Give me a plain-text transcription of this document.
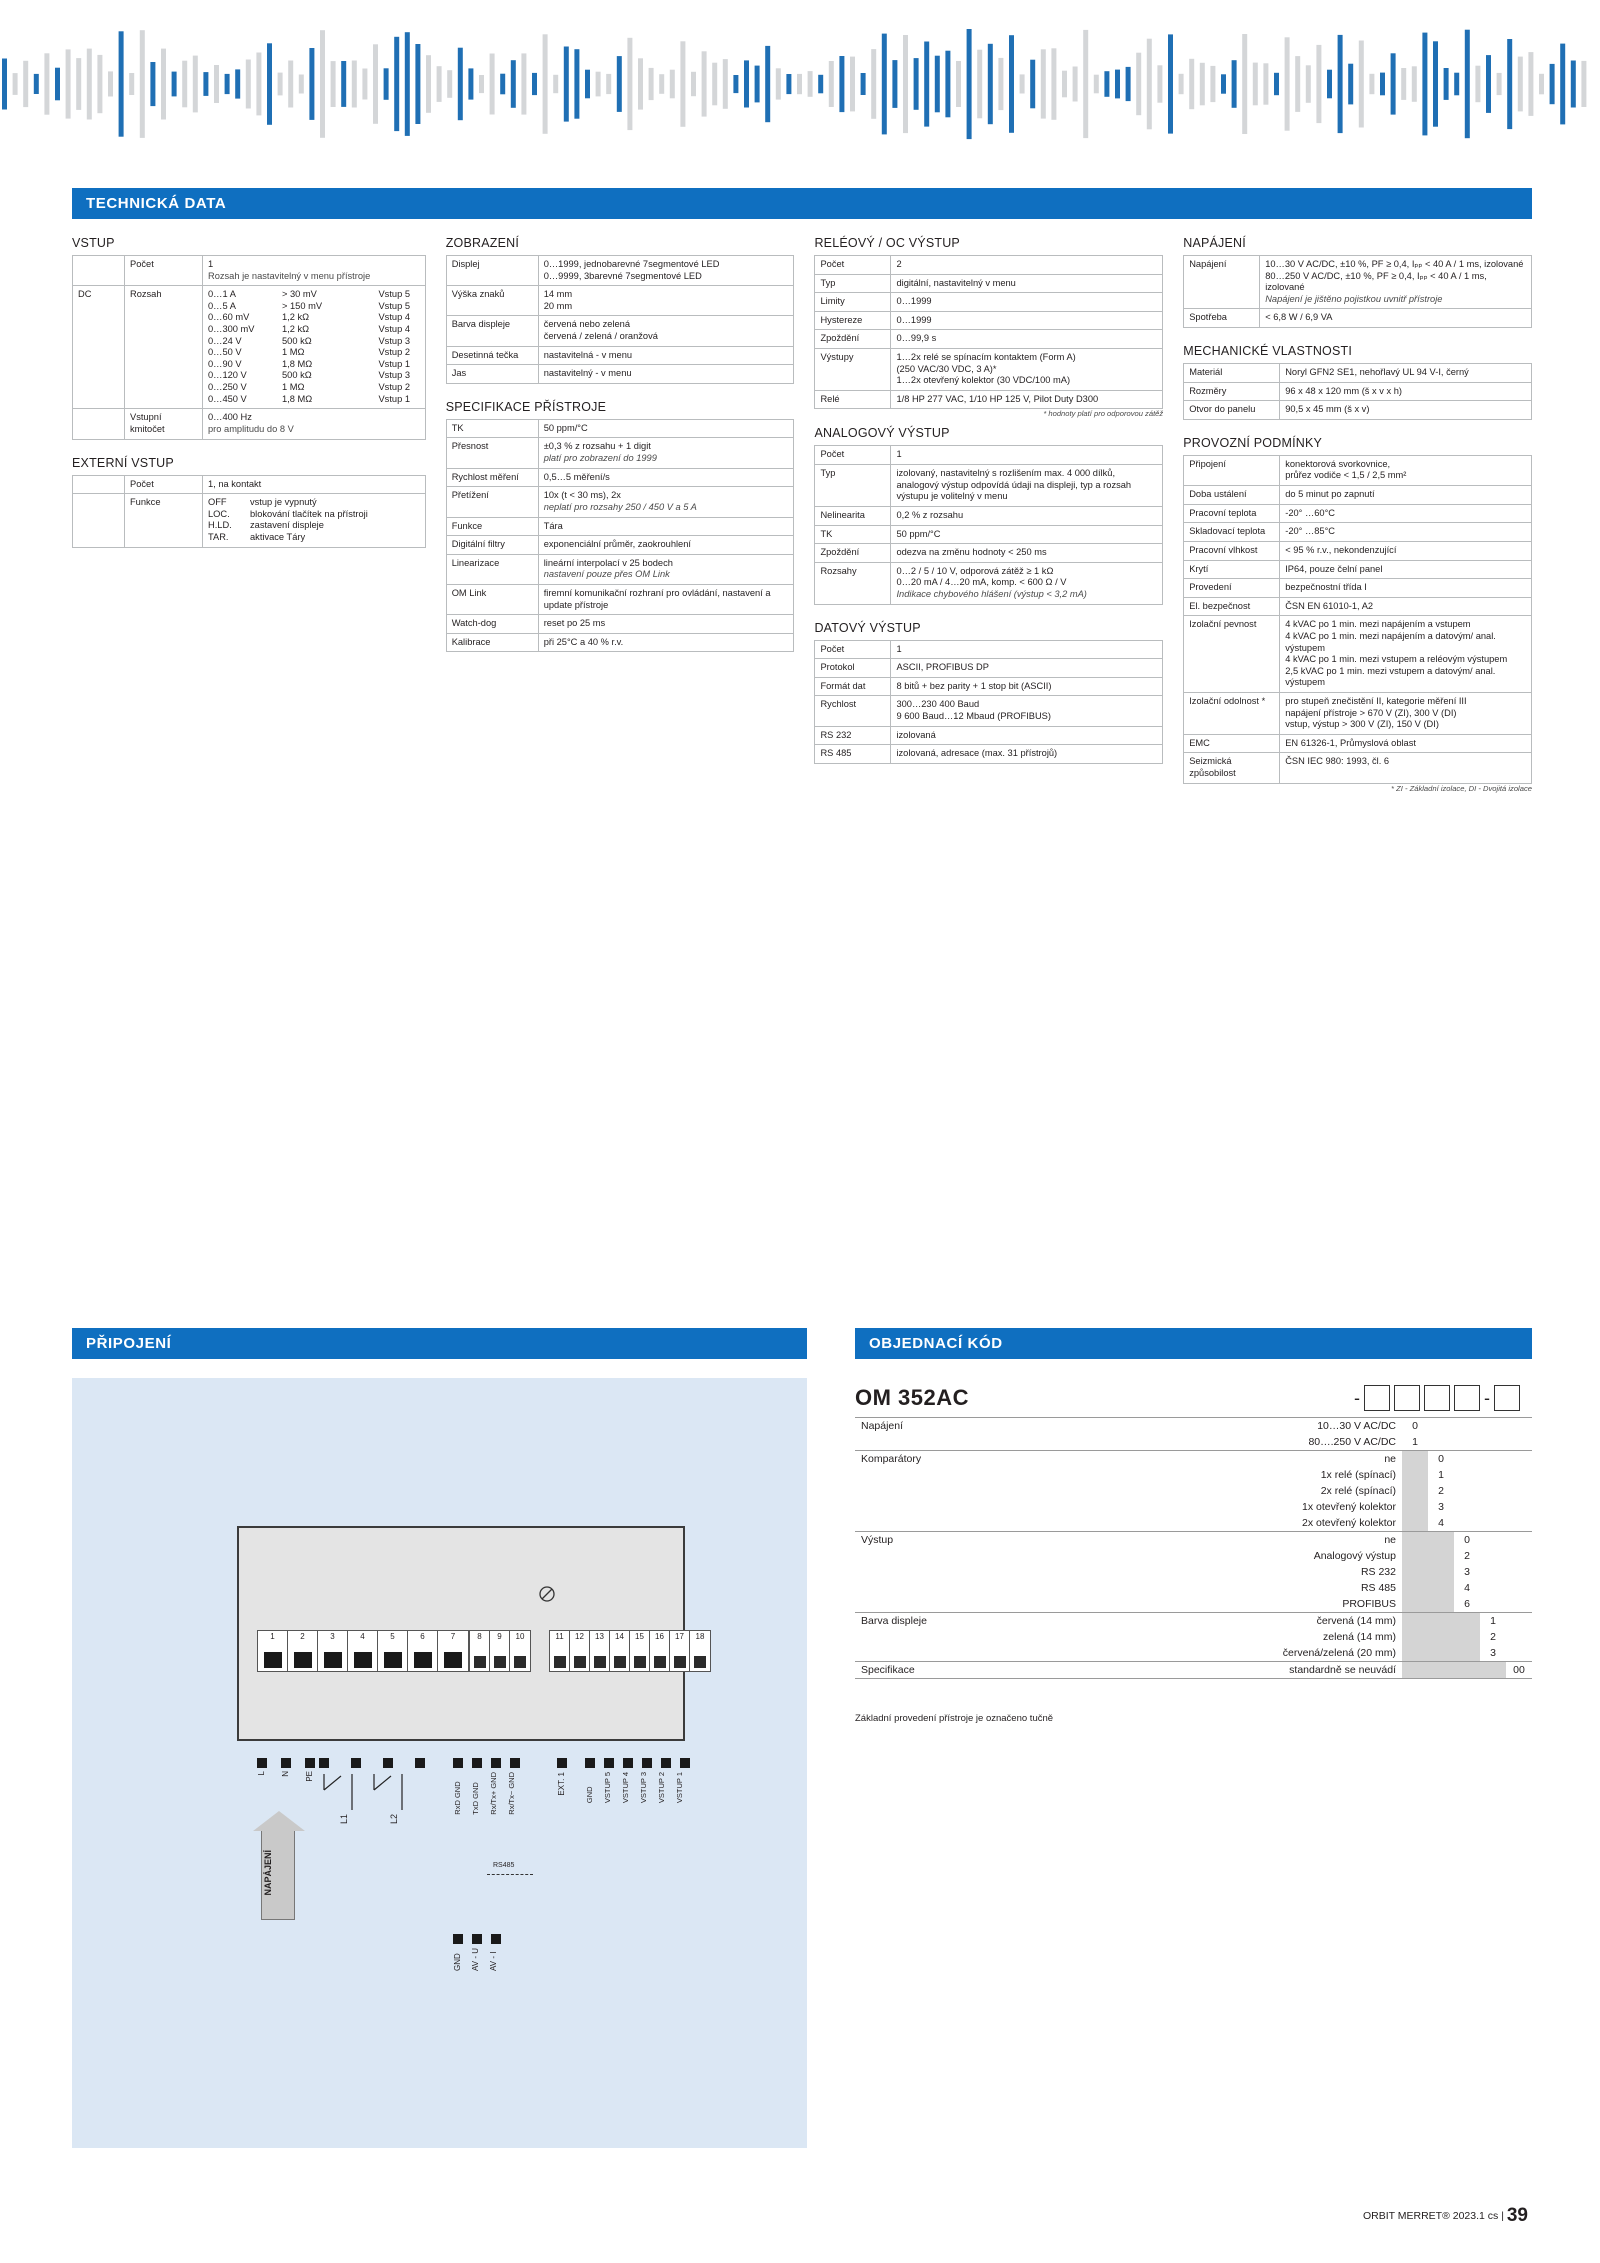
TECHNICKÁ DATA
VSTUP
	Počet	1
Rozsah je nastavitelný v menu přístroje

DC	Rozsah	0…1 A	> 30 mV	Vstup 5
0…5 A	> 150 mV	Vstup 5
0…60 mV	1,2 kΩ	Vstup 4
0…300 mV	1,2 kΩ	Vstup 4
0…24 V	500 kΩ	Vstup 3
0…50 V	1 MΩ	Vstup 2
0…90 V	1,8 MΩ	Vstup 1
0…120 V	500 kΩ	Vstup 3
0…250 V	1 MΩ	Vstup 2
0…450 V	1,8 MΩ	Vstup 1

	Vstupní kmitočet	0…400 Hz
pro amplitudu do 8 V
EXTERNÍ VSTUP
	Počet	1, na kontakt
	Funkce	OFF	vstup je vypnutý
LOC.	blokování tlačítek na přístroji
H.LD.	zastavení displeje
TAR.	aktivace Táry
ZOBRAZENÍ
Displej	0…1999, jednobarevné 7segmentové LED
0…9999, 3barevné 7segmentové LED

Výška znaků	14 mm
20 mm

Barva displeje	červená nebo zelená
červená / zelená / oranžová

Desetinná tečka	nastavitelná - v menu

Jas	nastavitelný - v menu
SPECIFIKACE PŘÍSTROJE
TK	50 ppm/°C

Přesnost	±0,3 % z rozsahu + 1 digit
platí pro zobrazení do 1999

Rychlost měření	0,5…5 měření/s

Přetížení	10x (t < 30 ms), 2x
neplatí pro rozsahy 250 / 450 V a 5 A

Funkce	Tára

Digitální filtry	exponenciální průměr, zaokrouhlení

Linearizace	lineární interpolací v 25 bodech
nastavení pouze přes OM Link

OM Link	firemní komunikační rozhraní pro ovládání, nastavení a update přístroje

Watch-dog	reset po 25 ms

Kalibrace	při 25°C a 40 % r.v.
RELÉOVÝ / OC VÝSTUP
Počet	2

Typ	digitální, nastavitelný v menu

Limity	0…1999

Hystereze	0…1999

Zpoždění	0…99,9 s

Výstupy	1…2x relé se spínacím kontaktem (Form A)
(250 VAC/30 VDC, 3 A)*
1…2x otevřený kolektor (30 VDC/100 mA)

Relé	1/8 HP 277 VAC, 1/10 HP 125 V, Pilot Duty D300
* hodnoty platí pro odporovou zátěž
ANALOGOVÝ VÝSTUP
Počet	1

Typ	izolovaný, nastavitelný s rozlišením max. 4 000 dílků, analogový výstup odpovídá údaji na displeji, typ a rozsah výstupu je volitelný v menu

Nelinearita	0,2 % z rozsahu

TK	50 ppm/°C

Zpoždění	odezva na změnu hodnoty < 250 ms

Rozsahy	0…2 / 5 / 10 V, odporová zátěž ≥ 1 kΩ
0…20 mA / 4…20 mA, komp. < 600 Ω / V
Indikace chybového hlášení (výstup < 3,2 mA)
DATOVÝ VÝSTUP
Počet	1

Protokol	ASCII, PROFIBUS DP

Formát dat	8 bitů + bez parity + 1 stop bit (ASCII)

Rychlost	300…230 400 Baud
9 600 Baud…12 Mbaud (PROFIBUS)

RS 232	izolovaná

RS 485	izolovaná, adresace (max. 31 přístrojů)
NAPÁJENÍ
Napájení	10…30 V AC/DC, ±10 %, PF ≥ 0,4, Iₚₚ < 40 A / 1 ms, izolované
80…250 V AC/DC, ±10 %, PF ≥ 0,4, Iₚₚ < 40 A / 1 ms, izolované
Napájení je jištěno pojistkou uvnitř přístroje

Spotřeba	< 6,8 W / 6,9 VA
MECHANICKÉ VLASTNOSTI
Materiál	Noryl GFN2 SE1, nehořlavý UL 94 V-I, černý

Rozměry	96 x 48 x 120 mm (š x v x h)

Otvor do panelu	90,5 x 45 mm (š x v)
PROVOZNÍ PODMÍNKY
Připojení	konektorová svorkovnice,
průřez vodiče < 1,5 / 2,5 mm²

Doba ustálení	do 5 minut po zapnutí

Pracovní teplota	-20° …60°C

Skladovací teplota	-20° …85°C

Pracovní vlhkost	< 95 % r.v., nekondenzující

Krytí	IP64, pouze čelní panel

Provedení	bezpečnostní třída I

El. bezpečnost	ČSN EN 61010-1, A2

Izolační pevnost	4 kVAC po 1 min. mezi napájením a vstupem
4 kVAC po 1 min. mezi napájením a datovým/ anal. výstupem
4 kVAC po 1 min. mezi vstupem a reléovým výstupem
2,5 kVAC po 1 min. mezi vstupem a datovým/ anal. výstupem

Izolační odolnost *	pro stupeň znečistění II, kategorie měření III
napájení přístroje > 670 V (ZI), 300 V (DI)
vstup, výstup > 300 V (ZI), 150 V (DI)

EMC	EN 61326-1, Průmyslová oblast

Seizmická způsobilost	ČSN IEC 980: 1993, čl. 6
* ZI - Základní izolace, DI - Dvojitá izolace
PŘIPOJENÍ
1	2	3	4	5	6	7	8	9	10	11	12	13	14	15	16	17	18
L N PE
NAPÁJENÍ
L1	L2
RxD GND TxD GND Rx/Tx+ GND Rx/Tx− GND
RS485
EXT. 1	GND VSTUP 5 VSTUP 4 VSTUP 3 VSTUP 2 VSTUP 1
GND AV - U AV - I
OBJEDNACÍ KÓD
OM 352AC	-	-
Napájení	10…30 V AC/DC	0				
	80….250 V AC/DC	1				
Komparátory	ne		0			
	1x relé (spínací)		1			
	2x relé (spínací)		2			
	1x otevřený kolektor		3			
	2x otevřený kolektor		4			
Výstup	ne			0		
	Analogový výstup			2		
	RS 232			3		
	RS 485			4		
	PROFIBUS			6		
Barva displeje	červená (14 mm)				1	
	zelená (14 mm)				2	
	červená/zelená (20 mm)				3	
Specifikace	standardně se neuvádí					00

Základní provedení přístroje je označeno tučně
ORBIT MERRET® 2023.1 cs | 39
